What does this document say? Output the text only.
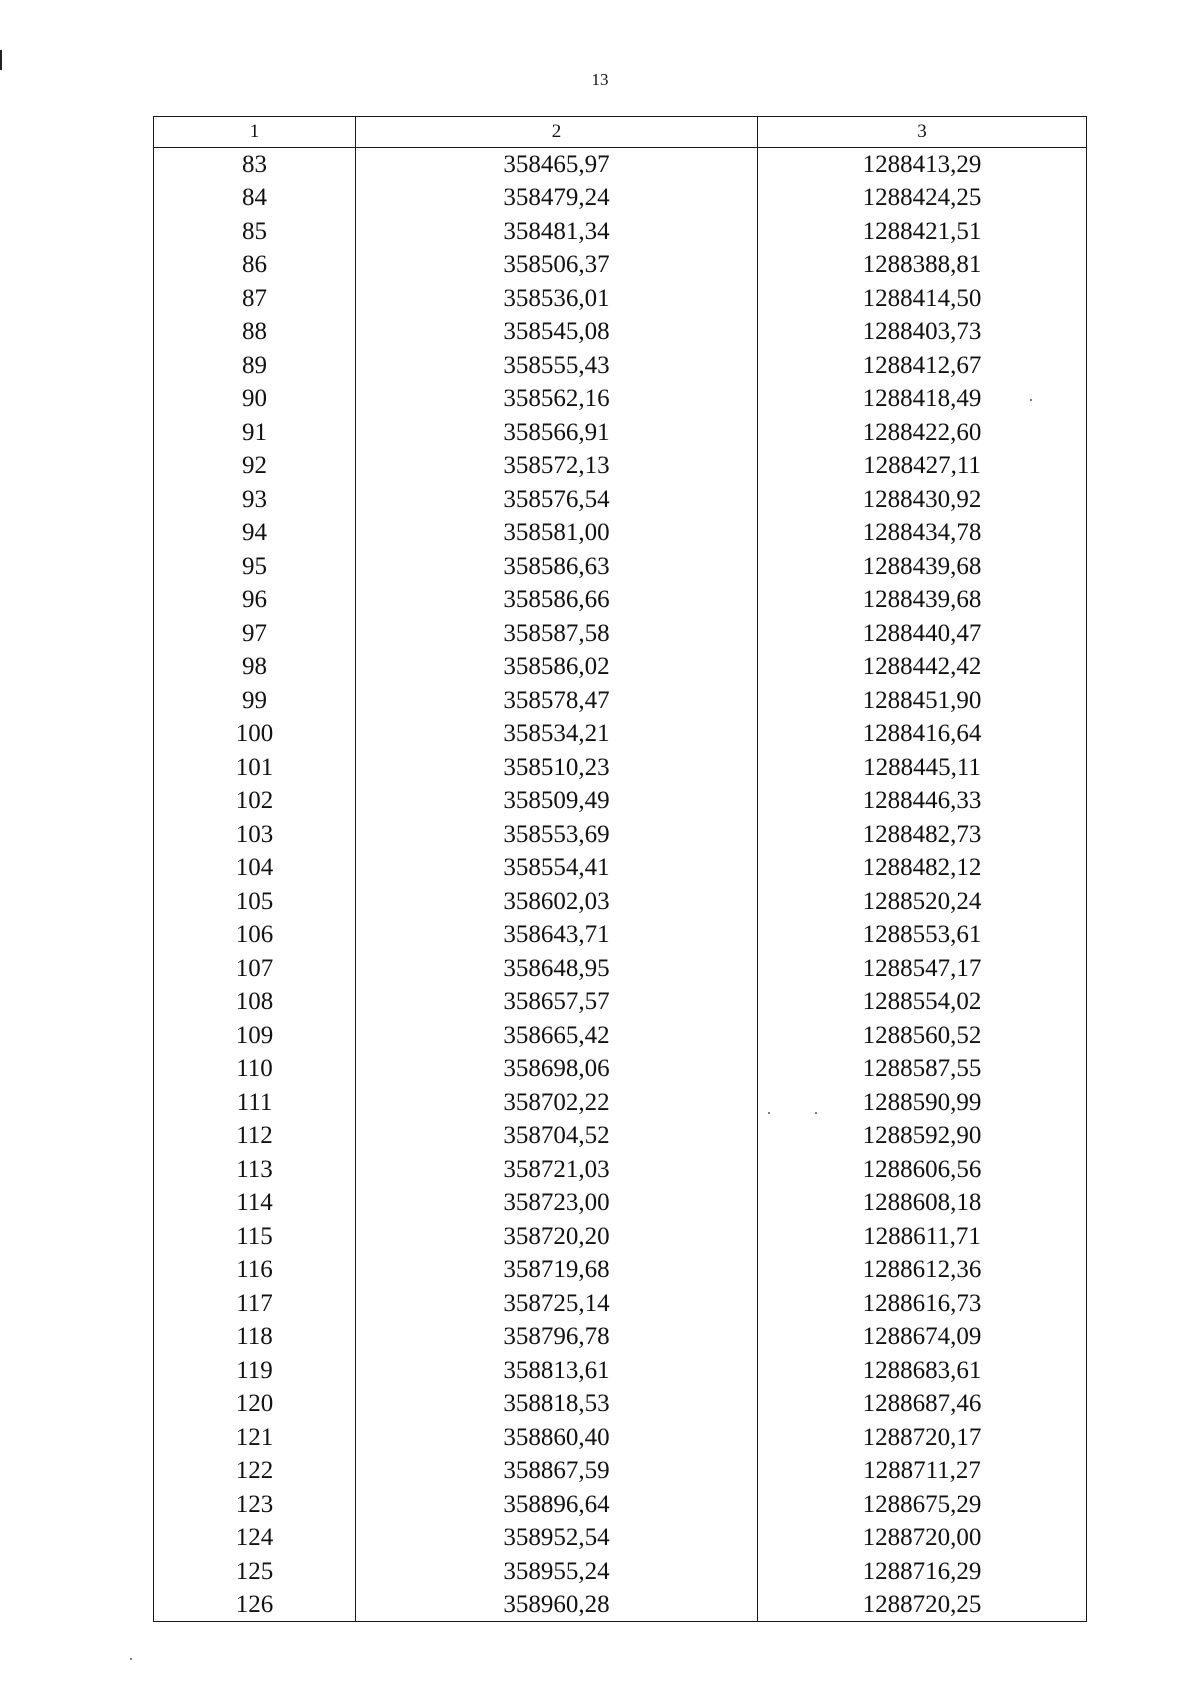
13
1	2	3
83	358465,97	1288413,29
84	358479,24	1288424,25
85	358481,34	1288421,51
86	358506,37	1288388,81
87	358536,01	1288414,50
88	358545,08	1288403,73
89	358555,43	1288412,67
90	358562,16	1288418,49
91	358566,91	1288422,60
92	358572,13	1288427,11
93	358576,54	1288430,92
94	358581,00	1288434,78
95	358586,63	1288439,68
96	358586,66	1288439,68
97	358587,58	1288440,47
98	358586,02	1288442,42
99	358578,47	1288451,90
100	358534,21	1288416,64
101	358510,23	1288445,11
102	358509,49	1288446,33
103	358553,69	1288482,73
104	358554,41	1288482,12
105	358602,03	1288520,24
106	358643,71	1288553,61
107	358648,95	1288547,17
108	358657,57	1288554,02
109	358665,42	1288560,52
110	358698,06	1288587,55
111	358702,22	1288590,99
112	358704,52	1288592,90
113	358721,03	1288606,56
114	358723,00	1288608,18
115	358720,20	1288611,71
116	358719,68	1288612,36
117	358725,14	1288616,73
118	358796,78	1288674,09
119	358813,61	1288683,61
120	358818,53	1288687,46
121	358860,40	1288720,17
122	358867,59	1288711,27
123	358896,64	1288675,29
124	358952,54	1288720,00
125	358955,24	1288716,29
126	358960,28	1288720,25
